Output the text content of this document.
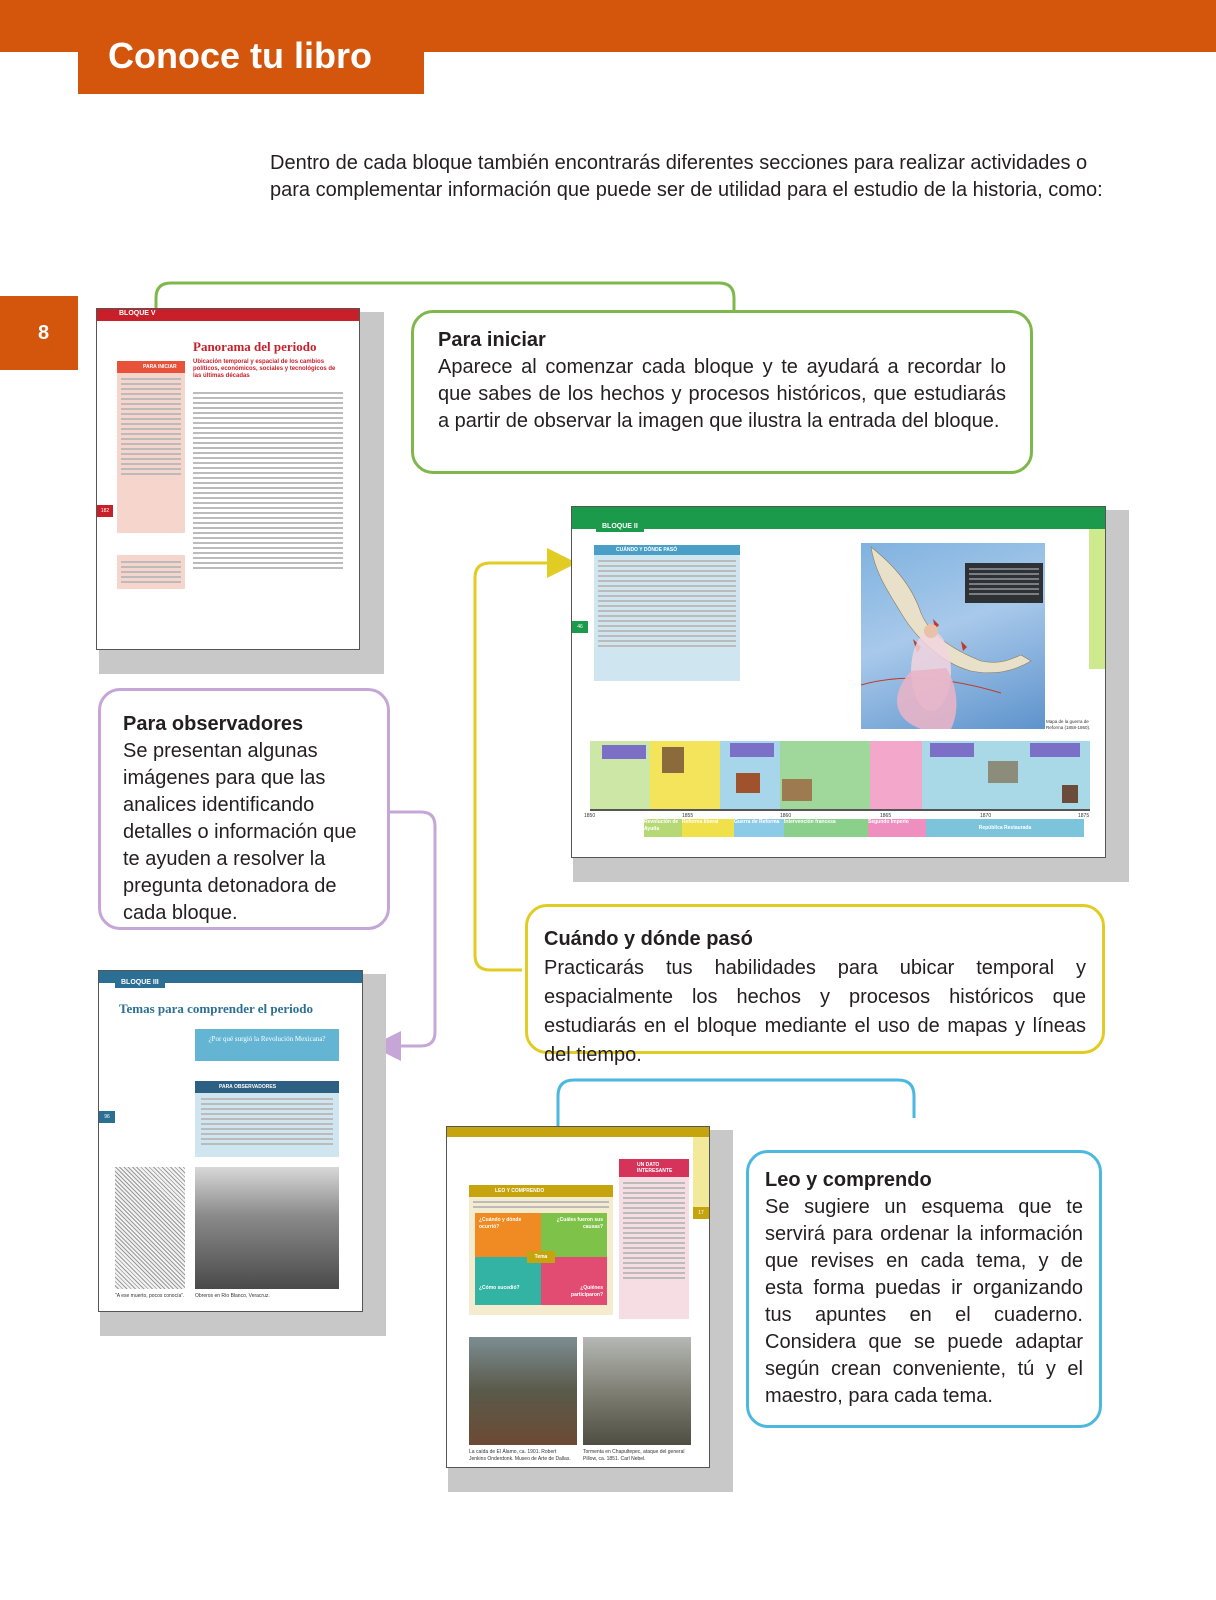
Conoce tu libro
8
Dentro de cada bloque también encontrarás diferentes secciones para realizar actividades o para complementar información que puede ser de utilidad para el estudio de la historia, como:
BLOQUE V
Panorama del periodo
Ubicación temporal y espacial de los cambios políticos, económicos, sociales y tecnológicos de las últimas décadas
PARA INICIAR
182
Para iniciar

Aparece al comenzar cada bloque y te ayudará a recordar lo que sabes de los hechos y procesos históricos, que estudiarás a partir de observar la imagen que ilustra la entrada del bloque.

BLOQUE II
CUÁNDO Y DÓNDE PASÓ
46
Mapa de la guerra de Reforma (1858-1860).
1850	1855	1860	1865	1870	1875
Revolución de Ayutla
Reforma liberal	Guerra de Reforma Intervención francesa	Segundo Imperio
República Restaurada
Para observadores

Se presentan algunas imágenes para que las analices identificando detalles o información que te ayuden a resolver la pregunta detonadora de cada bloque.

Cuándo y dónde pasó

Practicarás tus habilidades para ubicar temporal y espacialmente los hechos y procesos históricos que estudiarás en el bloque mediante el uso de mapas y líneas del tiempo.

BLOQUE III
Temas para comprender el periodo
¿Por qué surgió la Revolución Mexicana?
PARA OBSERVADORES
96
"A ese muerto, pocos conocía".	Obreros en Río Blanco, Veracruz.
17
LEO Y COMPRENDO
¿Cuándo y dónde ocurrió?
¿Cuáles fueron sus causas?
¿Cómo sucedió?	¿Quiénes participaron?
Tema
UN DATO INTERESANTE
La caída de El Álamo, ca. 1901. Robert Jenkins Onderdonk. Museo de Arte de Dallas.
Tormenta en Chapultepec, ataque del general Pillow, ca. 1851. Carl Nebel.
Leo y comprendo

Se sugiere un esquema que te servirá para ordenar la información que revises en cada tema, y de esta forma puedas ir organizando tus apuntes en el cuaderno. Considera que se puede adaptar según crean conveniente, tú y el maestro, para cada tema.
